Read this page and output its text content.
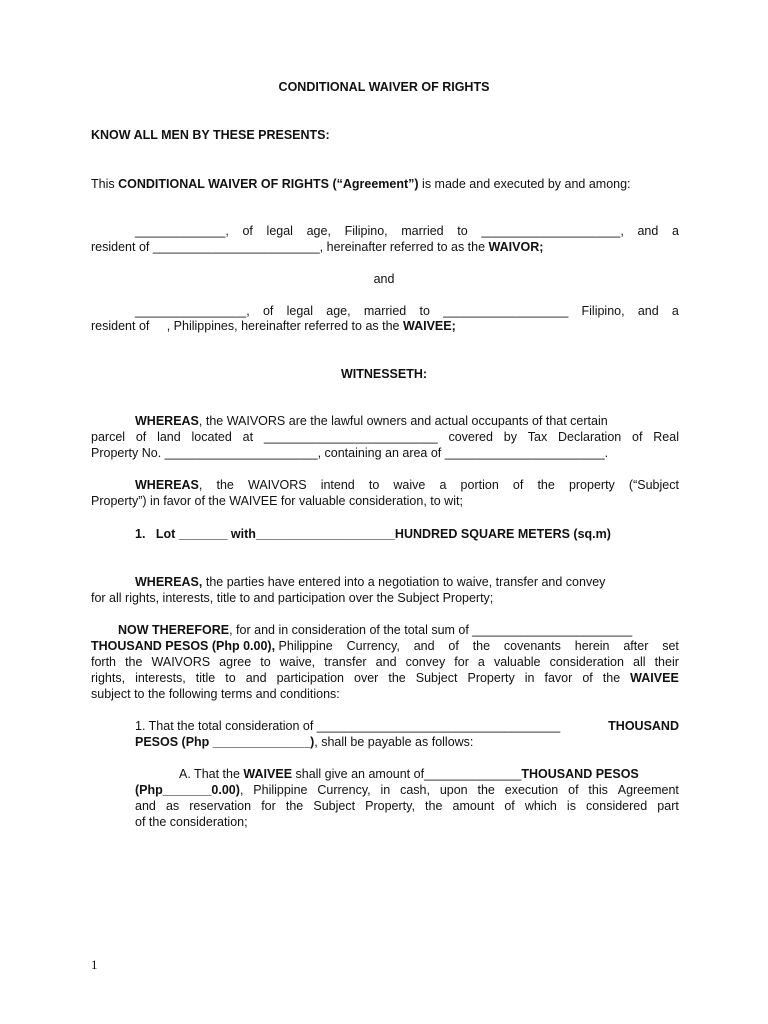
CONDITIONAL WAIVER OF RIGHTS
KNOW ALL MEN BY THESE PRESENTS:
This CONDITIONAL WAIVER OF RIGHTS (“Agreement”) is made and executed by and among:
_____________, of legal age, Filipino, married to ____________________, and a
resident of ________________________, hereinafter referred to as the WAIVOR;
and
________________, of legal age, married to __________________ Filipino, and a
resident of     , Philippines, hereinafter referred to as the WAIVEE;
WITNESSETH:
WHEREAS, the WAIVORS are the lawful owners and actual occupants of that certain
parcel of land located at _________________________ covered by Tax Declaration of Real
Property No. ______________________, containing an area of _______________________.
WHEREAS , the WAIVORS intend to waive a portion of the property (“Subject
Property”) in favor of the WAIVEE for valuable consideration, to wit;
1.   Lot _______ with____________________HUNDRED SQUARE METERS (sq.m)
WHEREAS, the parties have entered into a negotiation to waive, transfer and convey
for all rights, interests, title to and participation over the Subject Property;
NOW THEREFORE, for and in consideration of the total sum of _______________________
THOUSAND PESOS (Php 0.00), Philippine Currency, and of the covenants herein after set
forth the WAIVORS agree to waive, transfer and convey for a valuable consideration all their
rights, interests, title to and participation over the Subject Property in favor of the WAIVEE
subject to the following terms and conditions:
1. That the total consideration of ___________________________________	THOUSAND
PESOS (Php ______________), shall be payable as follows:
A. That the WAIVEE shall give an amount of______________ THOUSAND PESOS
(Php_______0.00) , Philippine Currency, in cash, upon the execution of this Agreement
and as reservation for the Subject Property, the amount of which is considered part
of the consideration;
1
